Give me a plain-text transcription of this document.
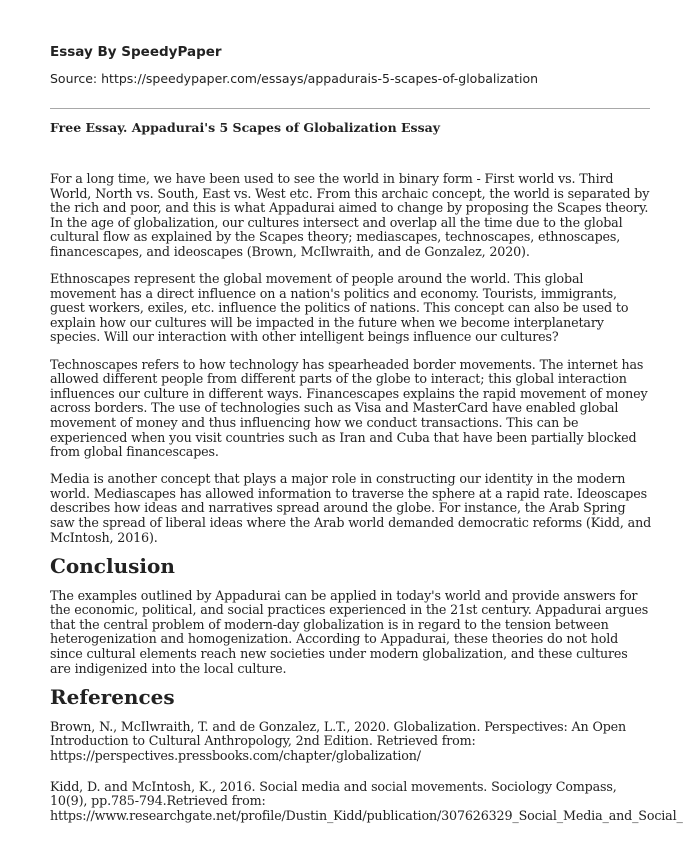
Essay By SpeedyPaper

Source: https://speedypaper.com/essays/appadurais-5-scapes-of-globalization

Free Essay. Appadurai's 5 Scapes of Globalization Essay

For a long time, we have been used to see the world in binary form - First world vs. Third World, North vs. South, East vs. West etc. From this archaic concept, the world is separated by the rich and poor, and this is what Appadurai aimed to change by proposing the Scapes theory. In the age of globalization, our cultures intersect and overlap all the time due to the global cultural flow as explained by the Scapes theory; mediascapes, technoscapes, ethnoscapes, financescapes, and ideoscapes (Brown, McIlwraith, and de Gonzalez, 2020).

Ethnoscapes represent the global movement of people around the world. This global movement has a direct influence on a nation's politics and economy. Tourists, immigrants, guest workers, exiles, etc. influence the politics of nations. This concept can also be used to explain how our cultures will be impacted in the future when we become interplanetary species. Will our interaction with other intelligent beings influence our cultures?

Technoscapes refers to how technology has spearheaded border movements. The internet has allowed different people from different parts of the globe to interact; this global interaction influences our culture in different ways. Financescapes explains the rapid movement of money across borders. The use of technologies such as Visa and MasterCard have enabled global movement of money and thus influencing how we conduct transactions. This can be experienced when you visit countries such as Iran and Cuba that have been partially blocked from global financescapes.

Media is another concept that plays a major role in constructing our identity in the modern world. Mediascapes has allowed information to traverse the sphere at a rapid rate. Ideoscapes describes how ideas and narratives spread around the globe. For instance, the Arab Spring saw the spread of liberal ideas where the Arab world demanded democratic reforms (Kidd, and McIntosh, 2016).

Conclusion

The examples outlined by Appadurai can be applied in today's world and provide answers for the economic, political, and social practices experienced in the 21st century. Appadurai argues that the central problem of modern-day globalization is in regard to the tension between heterogenization and homogenization. According to Appadurai, these theories do not hold since cultural elements reach new societies under modern globalization, and these cultures are indigenized into the local culture.

References

Brown, N., McIlwraith, T. and de Gonzalez, L.T., 2020. Globalization. Perspectives: An Open Introduction to Cultural Anthropology, 2nd Edition. Retrieved from:
https://perspectives.pressbooks.com/chapter/globalization/

Kidd, D. and McIntosh, K., 2016. Social media and social movements. Sociology Compass, 10(9), pp.785-794.Retrieved from:
https://www.researchgate.net/profile/Dustin_Kidd/publication/307626329_Social_Media_and_Social_
